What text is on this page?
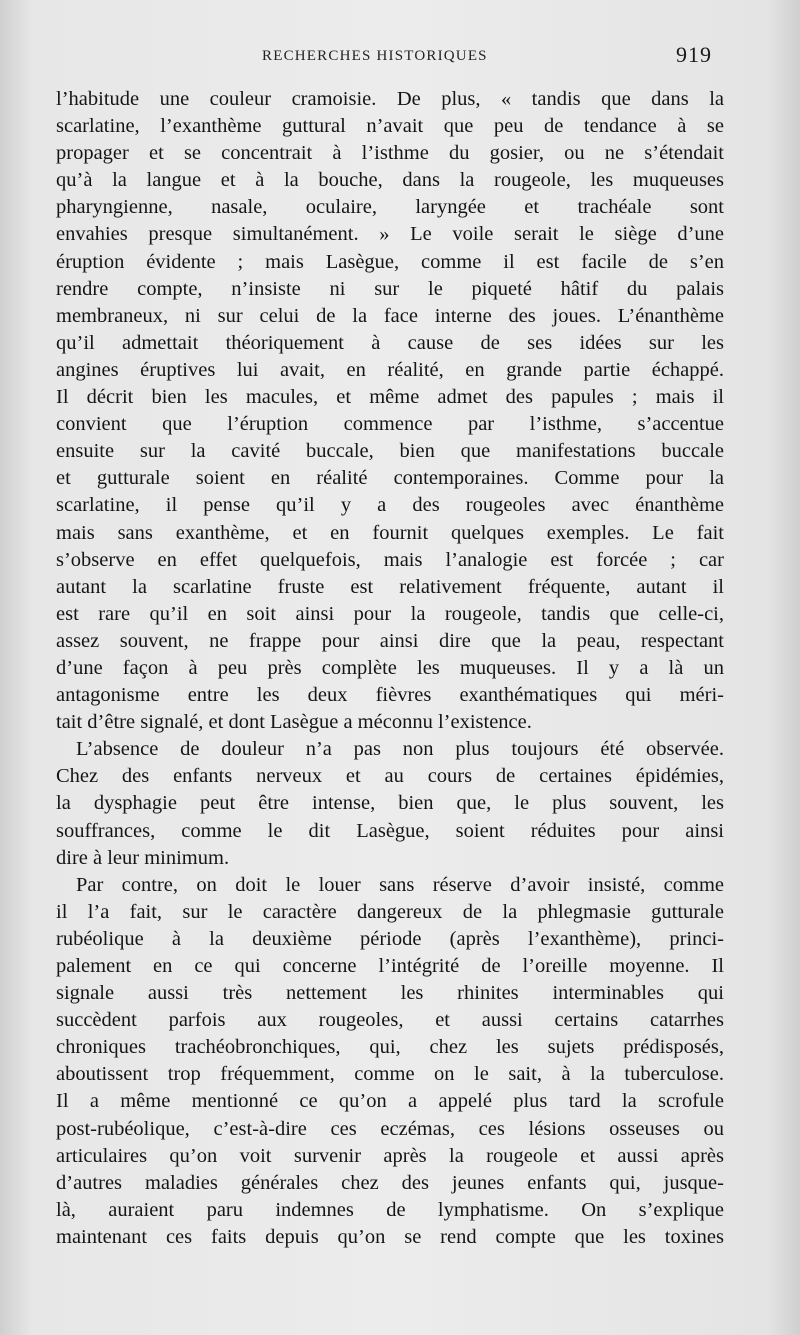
RECHERCHES HISTORIQUES	919
l’habitude une couleur cramoisie. De plus, « tandis que dans la
scarlatine, l’exanthème guttural n’avait que peu de tendance à se
propager et se concentrait à l’isthme du gosier, ou ne s’étendait
qu’à la langue et à la bouche, dans la rougeole, les muqueuses
pharyngienne, nasale, oculaire, laryngée et trachéale sont
envahies presque simultanément. » Le voile serait le siège d’une
éruption évidente ; mais Lasègue, comme il est facile de s’en
rendre compte, n’insiste ni sur le piqueté hâtif du palais
membraneux, ni sur celui de la face interne des joues. L’énanthème
qu’il admettait théoriquement à cause de ses idées sur les
angines éruptives lui avait, en réalité, en grande partie échappé.
Il décrit bien les macules, et même admet des papules ; mais il
convient que l’éruption commence par l’isthme, s’accentue
ensuite sur la cavité buccale, bien que manifestations buccale
et gutturale soient en réalité contemporaines. Comme pour la
scarlatine, il pense qu’il y a des rougeoles avec énanthème
mais sans exanthème, et en fournit quelques exemples. Le fait
s’observe en effet quelquefois, mais l’analogie est forcée ; car
autant la scarlatine fruste est relativement fréquente, autant il
est rare qu’il en soit ainsi pour la rougeole, tandis que celle-ci,
assez souvent, ne frappe pour ainsi dire que la peau, respectant
d’une façon à peu près complète les muqueuses. Il y a là un
antagonisme entre les deux fièvres exanthématiques qui méri-
tait d’être signalé, et dont Lasègue a méconnu l’existence.
L’absence de douleur n’a pas non plus toujours été observée.
Chez des enfants nerveux et au cours de certaines épidémies,
la dysphagie peut être intense, bien que, le plus souvent, les
souffrances, comme le dit Lasègue, soient réduites pour ainsi
dire à leur minimum.
Par contre, on doit le louer sans réserve d’avoir insisté, comme
il l’a fait, sur le caractère dangereux de la phlegmasie gutturale
rubéolique à la deuxième période (après l’exanthème), princi-
palement en ce qui concerne l’intégrité de l’oreille moyenne. Il
signale aussi très nettement les rhinites interminables qui
succèdent parfois aux rougeoles, et aussi certains catarrhes
chroniques trachéobronchiques, qui, chez les sujets prédisposés,
aboutissent trop fréquemment, comme on le sait, à la tuberculose.
Il a même mentionné ce qu’on a appelé plus tard la scrofule
post-rubéolique, c’est-à-dire ces eczémas, ces lésions osseuses ou
articulaires qu’on voit survenir après la rougeole et aussi après
d’autres maladies générales chez des jeunes enfants qui, jusque-
là, auraient paru indemnes de lymphatisme. On s’explique
maintenant ces faits depuis qu’on se rend compte que les toxines
